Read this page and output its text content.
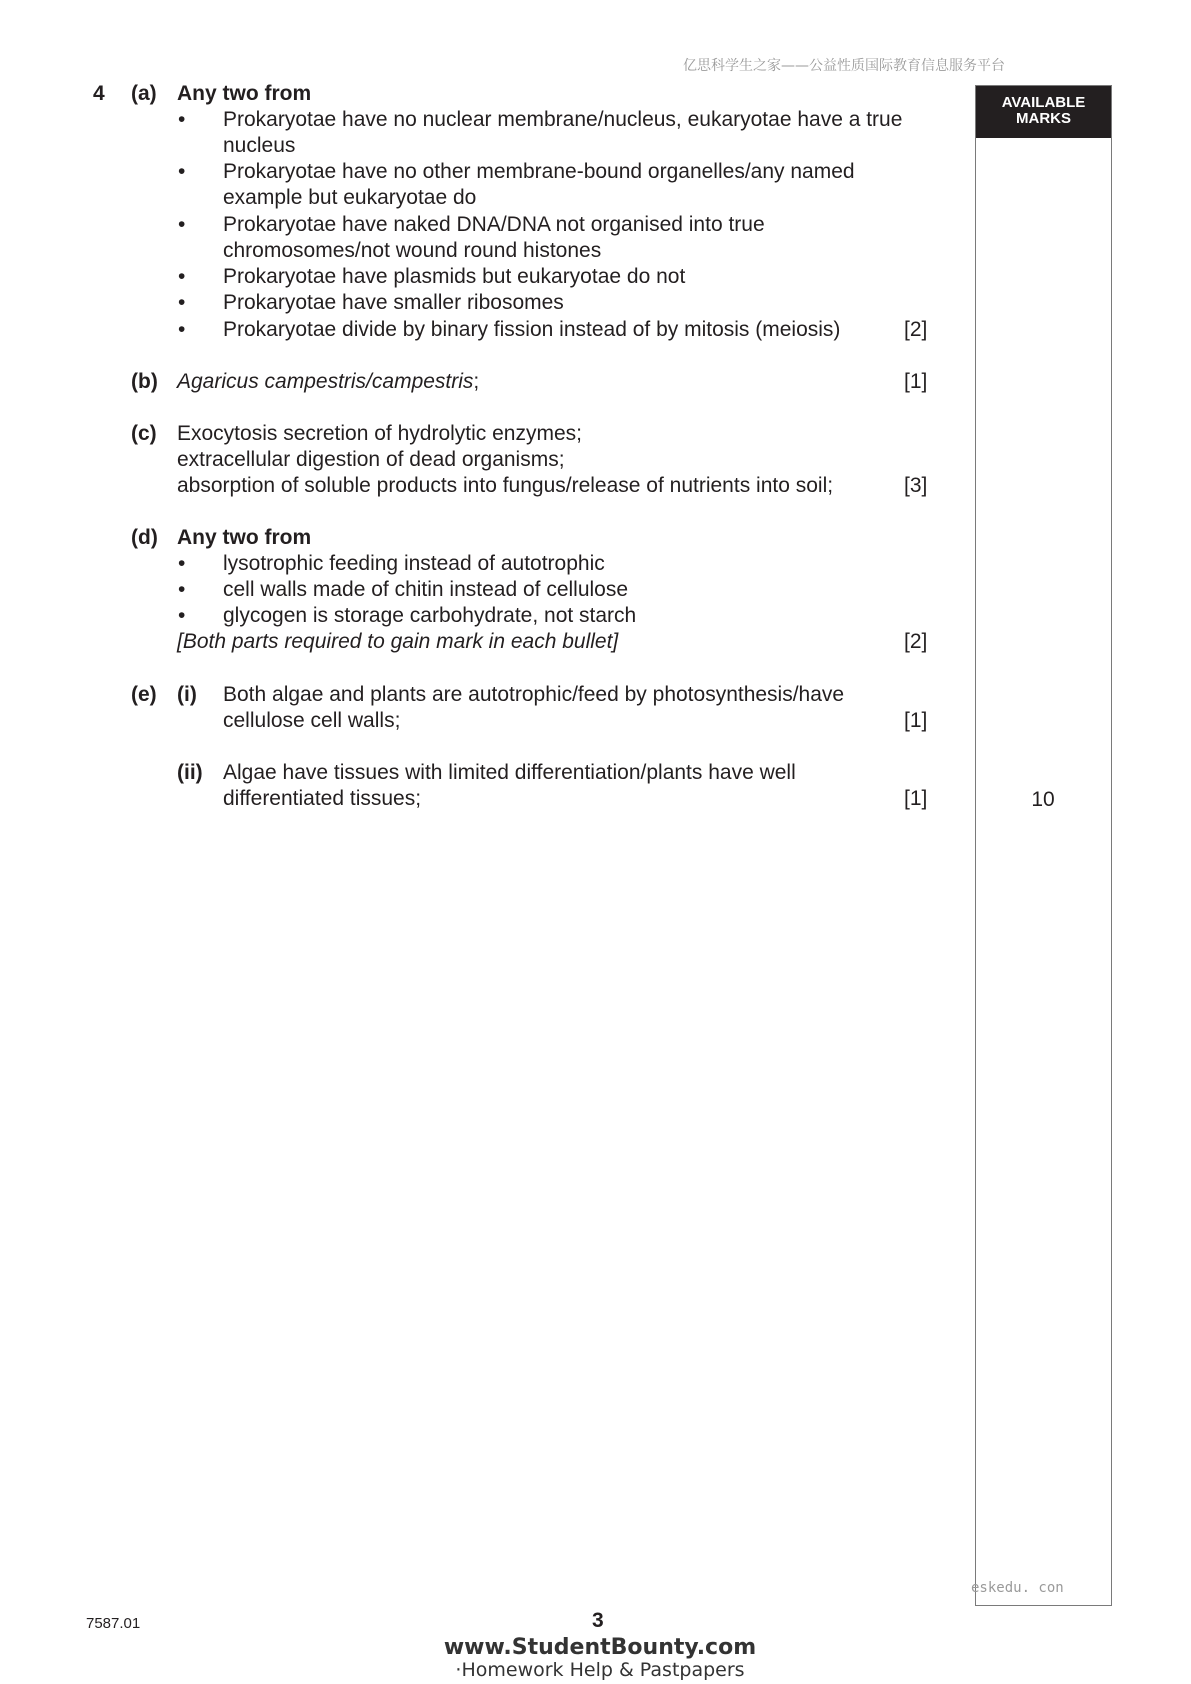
亿思科学生之家——公益性质国际教育信息服务平台
AVAILABLE
MARKS
10
eskedu. con
4 (a) Any two from
• Prokaryotae have no nuclear membrane/nucleus, eukaryotae have a true
nucleus
• Prokaryotae have no other membrane-bound organelles/any named
example but eukaryotae do
• Prokaryotae have naked DNA/DNA not organised into true
chromosomes/not wound round histones
• Prokaryotae have plasmids but eukaryotae do not
• Prokaryotae have smaller ribosomes
• Prokaryotae divide by binary fission instead of by mitosis (meiosis)	[2]
(b) Agaricus campestris/campestris;	[1]
(c) Exocytosis secretion of hydrolytic enzymes;
extracellular digestion of dead organisms;
absorption of soluble products into fungus/release of nutrients into soil;	[3]
(d) Any two from
• lysotrophic feeding instead of autotrophic
• cell walls made of chitin instead of cellulose
• glycogen is storage carbohydrate, not starch
[Both parts required to gain mark in each bullet]	[2]
(e) (i) Both algae and plants are autotrophic/feed by photosynthesis/have
cellulose cell walls;	[1]
(ii) Algae have tissues with limited differentiation/plants have well
differentiated tissues;	[1]
7587.01	3
www.StudentBounty.com
·Homework Help & Pastpapers
